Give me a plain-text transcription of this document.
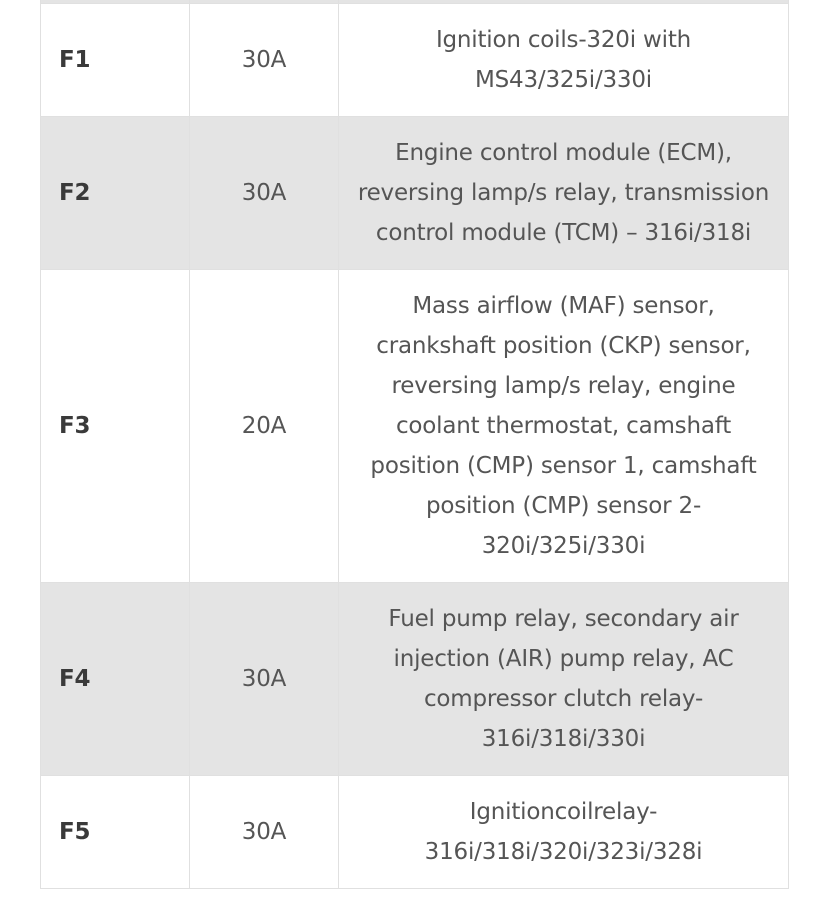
F1	30A	Ignition coils-320i with MS43/325i/330i
F2	30A	Engine control module (ECM), reversing lamp/s relay, transmission control module (TCM) – 316i/318i
F3	20A	Mass airflow (MAF) sensor, crankshaft position (CKP) sensor, reversing lamp/s relay, engine coolant thermostat, camshaft position (CMP) sensor 1, camshaft position (CMP) sensor 2-320i/325i/330i
F4	30A	Fuel pump relay, secondary air injection (AIR) pump relay, AC compressor clutch relay-316i/318i/330i
F5	30A	Ignitioncoilrelay-316i/318i/320i/323i/328i
